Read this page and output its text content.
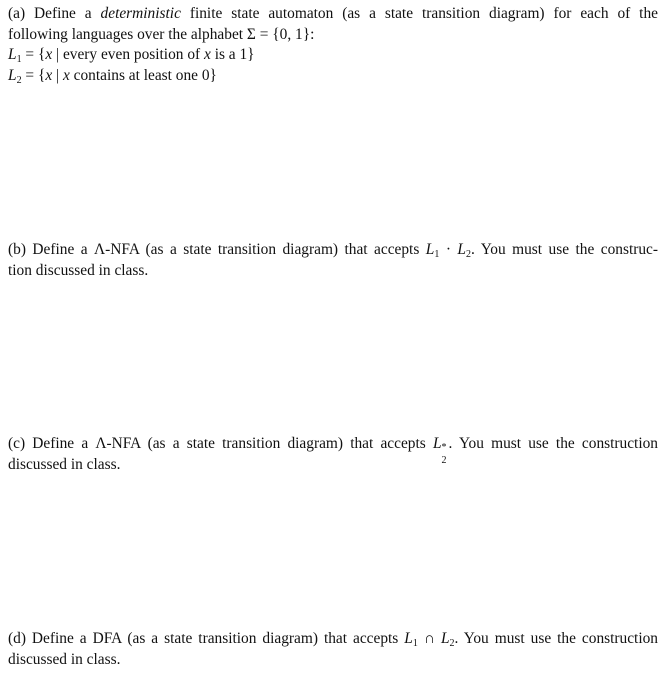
(a) Define a deterministic finite state automaton (as a state transition diagram) for each of the
following languages over the alphabet Σ = {0, 1}:
$L_1 = \{x$ | every even position of x is a 1}
$L_2 = \{x$ | x contains at least one 0}
(b) Define a Λ-NFA (as a state transition diagram) that accepts $L_1 \cdot L_2$. You must use the construc-
tion discussed in class.
(c) Define a Λ-NFA (as a state transition diagram) that accepts L *
2
. You must use the construction
discussed in class.
(d) Define a DFA (as a state transition diagram) that accepts $L_1$ ∩ $L_2$. You must use the construction
discussed in class.
